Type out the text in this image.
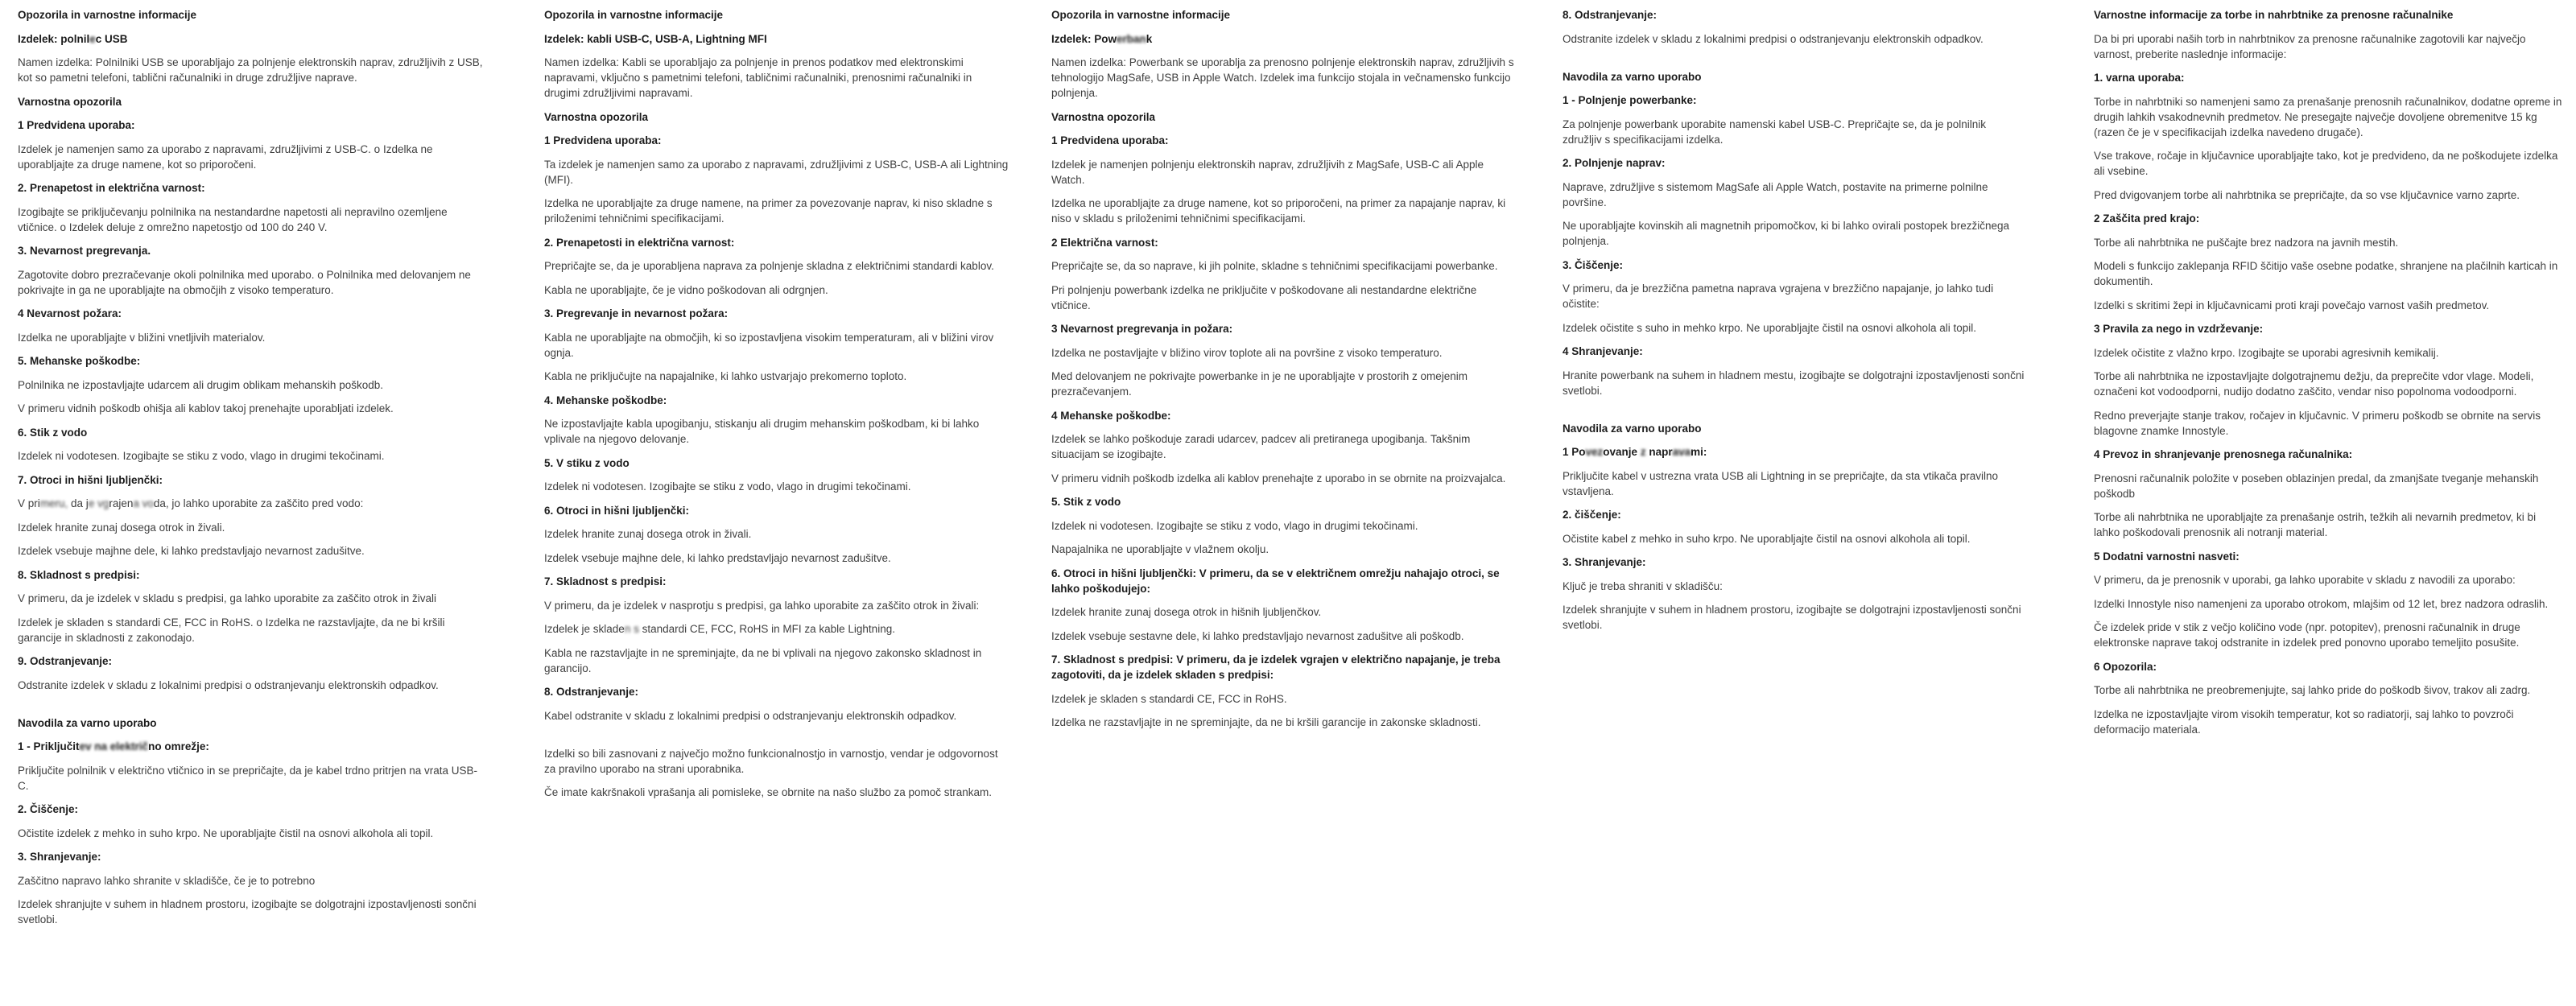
Opozorila in varnostne informacije
Izdelek: polnilec USB
Namen izdelka: Polnilniki USB se uporabljajo za polnjenje elektronskih naprav, združljivih z USB, kot so pametni telefoni, tablični računalniki in druge združljive naprave.
Varnostna opozorila
1 Predvidena uporaba:
Izdelek je namenjen samo za uporabo z napravami, združljivimi z USB-C. o Izdelka ne uporabljajte za druge namene, kot so priporočeni.
2. Prenapetost in električna varnost:
Izogibajte se priključevanju polnilnika na nestandardne napetosti ali nepravilno ozemljene vtičnice. o Izdelek deluje z omrežno napetostjo od 100 do 240 V.
3. Nevarnost pregrevanja.
Zagotovite dobro prezračevanje okoli polnilnika med uporabo. o Polnilnika med delovanjem ne pokrivajte in ga ne uporabljajte na območjih z visoko temperaturo.
4 Nevarnost požara:
Izdelka ne uporabljajte v bližini vnetljivih materialov.
5. Mehanske poškodbe:
Polnilnika ne izpostavljajte udarcem ali drugim oblikam mehanskih poškodb.
V primeru vidnih poškodb ohišja ali kablov takoj prenehajte uporabljati izdelek.
6. Stik z vodo
Izdelek ni vodotesen. Izogibajte se stiku z vodo, vlago in drugimi tekočinami.
7. Otroci in hišni ljubljenčki:
V primeru, da je vgrajena voda, jo lahko uporabite za zaščito pred vodo:
Izdelek hranite zunaj dosega otrok in živali.
Izdelek vsebuje majhne dele, ki lahko predstavljajo nevarnost zadušitve.
8. Skladnost s predpisi:
V primeru, da je izdelek v skladu s predpisi, ga lahko uporabite za zaščito otrok in živali
Izdelek je skladen s standardi CE, FCC in RoHS. o Izdelka ne razstavljajte, da ne bi kršili garancije in skladnosti z zakonodajo.
9. Odstranjevanje:
Odstranite izdelek v skladu z lokalnimi predpisi o odstranjevanju elektronskih odpadkov.
Navodila za varno uporabo
1 - Priključitev na električno omrežje:
Priključite polnilnik v električno vtičnico in se prepričajte, da je kabel trdno pritrjen na vrata USB-C.
2. Čiščenje:
Očistite izdelek z mehko in suho krpo. Ne uporabljajte čistil na osnovi alkohola ali topil.
3. Shranjevanje:
Zaščitno napravo lahko shranite v skladišče, če je to potrebno
Izdelek shranjujte v suhem in hladnem prostoru, izogibajte se dolgotrajni izpostavljenosti sončni svetlobi.
Opozorila in varnostne informacije
Izdelek: kabli USB-C, USB-A, Lightning MFI
Namen izdelka: Kabli se uporabljajo za polnjenje in prenos podatkov med elektronskimi napravami, vključno s pametnimi telefoni, tabličnimi računalniki, prenosnimi računalniki in drugimi združljivimi napravami.
Varnostna opozorila
1 Predvidena uporaba:
Ta izdelek je namenjen samo za uporabo z napravami, združljivimi z USB-C, USB-A ali Lightning (MFI).
Izdelka ne uporabljajte za druge namene, na primer za povezovanje naprav, ki niso skladne s priloženimi tehničnimi specifikacijami.
2. Prenapetosti in električna varnost:
Prepričajte se, da je uporabljena naprava za polnjenje skladna z električnimi standardi kablov.
Kabla ne uporabljajte, če je vidno poškodovan ali odrgnjen.
3. Pregrevanje in nevarnost požara:
Kabla ne uporabljajte na območjih, ki so izpostavljena visokim temperaturam, ali v bližini virov ognja.
Kabla ne priključujte na napajalnike, ki lahko ustvarjajo prekomerno toploto.
4. Mehanske poškodbe:
Ne izpostavljajte kabla upogibanju, stiskanju ali drugim mehanskim poškodbam, ki bi lahko vplivale na njegovo delovanje.
5. V stiku z vodo
Izdelek ni vodotesen. Izogibajte se stiku z vodo, vlago in drugimi tekočinami.
6. Otroci in hišni ljubljenčki:
Izdelek hranite zunaj dosega otrok in živali.
Izdelek vsebuje majhne dele, ki lahko predstavljajo nevarnost zadušitve.
7. Skladnost s predpisi:
V primeru, da je izdelek v nasprotju s predpisi, ga lahko uporabite za zaščito otrok in živali:
Izdelek je skladen s standardi CE, FCC, RoHS in MFI za kable Lightning.
Kabla ne razstavljajte in ne spreminjajte, da ne bi vplivali na njegovo zakonsko skladnost in garancijo.
8. Odstranjevanje:
Kabel odstranite v skladu z lokalnimi predpisi o odstranjevanju elektronskih odpadkov.
Izdelki so bili zasnovani z največjo možno funkcionalnostjo in varnostjo, vendar je odgovornost za pravilno uporabo na strani uporabnika.
Če imate kakršnakoli vprašanja ali pomisleke, se obrnite na našo službo za pomoč strankam.
Opozorila in varnostne informacije
Izdelek: Powerbank
Namen izdelka: Powerbank se uporablja za prenosno polnjenje elektronskih naprav, združljivih s tehnologijo MagSafe, USB in Apple Watch. Izdelek ima funkcijo stojala in večnamensko funkcijo polnjenja.
Varnostna opozorila
1 Predvidena uporaba:
Izdelek je namenjen polnjenju elektronskih naprav, združljivih z MagSafe, USB-C ali Apple Watch.
Izdelka ne uporabljajte za druge namene, kot so priporočeni, na primer za napajanje naprav, ki niso v skladu s priloženimi tehničnimi specifikacijami.
2 Električna varnost:
Prepričajte se, da so naprave, ki jih polnite, skladne s tehničnimi specifikacijami powerbanke.
Pri polnjenju powerbank izdelka ne priključite v poškodovane ali nestandardne električne vtičnice.
3 Nevarnost pregrevanja in požara:
Izdelka ne postavljajte v bližino virov toplote ali na površine z visoko temperaturo.
Med delovanjem ne pokrivajte powerbanke in je ne uporabljajte v prostorih z omejenim prezračevanjem.
4 Mehanske poškodbe:
Izdelek se lahko poškoduje zaradi udarcev, padcev ali pretiranega upogibanja. Takšnim situacijam se izogibajte.
V primeru vidnih poškodb izdelka ali kablov prenehajte z uporabo in se obrnite na proizvajalca.
5. Stik z vodo
Izdelek ni vodotesen. Izogibajte se stiku z vodo, vlago in drugimi tekočinami.
Napajalnika ne uporabljajte v vlažnem okolju.
6. Otroci in hišni ljubljenčki: V primeru, da se v električnem omrežju nahajajo otroci, se lahko poškodujejo:
Izdelek hranite zunaj dosega otrok in hišnih ljubljenčkov.
Izdelek vsebuje sestavne dele, ki lahko predstavljajo nevarnost zadušitve ali poškodb.
7. Skladnost s predpisi: V primeru, da je izdelek vgrajen v električno napajanje, je treba zagotoviti, da je izdelek skladen s predpisi:
Izdelek je skladen s standardi CE, FCC in RoHS.
Izdelka ne razstavljajte in ne spreminjajte, da ne bi kršili garancije in zakonske skladnosti.
8. Odstranjevanje:
Odstranite izdelek v skladu z lokalnimi predpisi o odstranjevanju elektronskih odpadkov.
Navodila za varno uporabo
1 - Polnjenje powerbanke:
Za polnjenje powerbank uporabite namenski kabel USB-C. Prepričajte se, da je polnilnik združljiv s specifikacijami izdelka.
2. Polnjenje naprav:
Naprave, združljive s sistemom MagSafe ali Apple Watch, postavite na primerne polnilne površine.
Ne uporabljajte kovinskih ali magnetnih pripomočkov, ki bi lahko ovirali postopek brezžičnega polnjenja.
3. Čiščenje:
V primeru, da je brezžična pametna naprava vgrajena v brezžično napajanje, jo lahko tudi očistite:
Izdelek očistite s suho in mehko krpo. Ne uporabljajte čistil na osnovi alkohola ali topil.
4 Shranjevanje:
Hranite powerbank na suhem in hladnem mestu, izogibajte se dolgotrajni izpostavljenosti sončni svetlobi.
Navodila za varno uporabo
1 Povezovanje z napravami:
Priključite kabel v ustrezna vrata USB ali Lightning in se prepričajte, da sta vtikača pravilno vstavljena.
2. čiščenje:
Očistite kabel z mehko in suho krpo. Ne uporabljajte čistil na osnovi alkohola ali topil.
3. Shranjevanje:
Ključ je treba shraniti v skladišču:
Izdelek shranjujte v suhem in hladnem prostoru, izogibajte se dolgotrajni izpostavljenosti sončni svetlobi.
Varnostne informacije za torbe in nahrbtnike za prenosne računalnike
Da bi pri uporabi naših torb in nahrbtnikov za prenosne računalnike zagotovili kar največjo varnost, preberite naslednje informacije:
1. varna uporaba:
Torbe in nahrbtniki so namenjeni samo za prenašanje prenosnih računalnikov, dodatne opreme in drugih lahkih vsakodnevnih predmetov. Ne presegajte največje dovoljene obremenitve 15 kg (razen če je v specifikacijah izdelka navedeno drugače).
Vse trakove, ročaje in ključavnice uporabljajte tako, kot je predvideno, da ne poškodujete izdelka ali vsebine.
Pred dvigovanjem torbe ali nahrbtnika se prepričajte, da so vse ključavnice varno zaprte.
2 Zaščita pred krajo:
Torbe ali nahrbtnika ne puščajte brez nadzora na javnih mestih.
Modeli s funkcijo zaklepanja RFID ščitijo vaše osebne podatke, shranjene na plačilnih karticah in dokumentih.
Izdelki s skritimi žepi in ključavnicami proti kraji povečajo varnost vaših predmetov.
3 Pravila za nego in vzdrževanje:
Izdelek očistite z vlažno krpo. Izogibajte se uporabi agresivnih kemikalij.
Torbe ali nahrbtnika ne izpostavljajte dolgotrajnemu dežju, da preprečite vdor vlage. Modeli, označeni kot vodoodporni, nudijo dodatno zaščito, vendar niso popolnoma vodoodporni.
Redno preverjajte stanje trakov, ročajev in ključavnic. V primeru poškodb se obrnite na servis blagovne znamke Innostyle.
4 Prevoz in shranjevanje prenosnega računalnika:
Prenosni računalnik položite v poseben oblazinjen predal, da zmanjšate tveganje mehanskih poškodb
Torbe ali nahrbtnika ne uporabljajte za prenašanje ostrih, težkih ali nevarnih predmetov, ki bi lahko poškodovali prenosnik ali notranji material.
5 Dodatni varnostni nasveti:
V primeru, da je prenosnik v uporabi, ga lahko uporabite v skladu z navodili za uporabo:
Izdelki Innostyle niso namenjeni za uporabo otrokom, mlajšim od 12 let, brez nadzora odraslih.
Če izdelek pride v stik z večjo količino vode (npr. potopitev), prenosni računalnik in druge elektronske naprave takoj odstranite in izdelek pred ponovno uporabo temeljito posušite.
6 Opozorila:
Torbe ali nahrbtnika ne preobremenjujte, saj lahko pride do poškodb šivov, trakov ali zadrg.
Izdelka ne izpostavljajte virom visokih temperatur, kot so radiatorji, saj lahko to povzroči deformacijo materiala.
